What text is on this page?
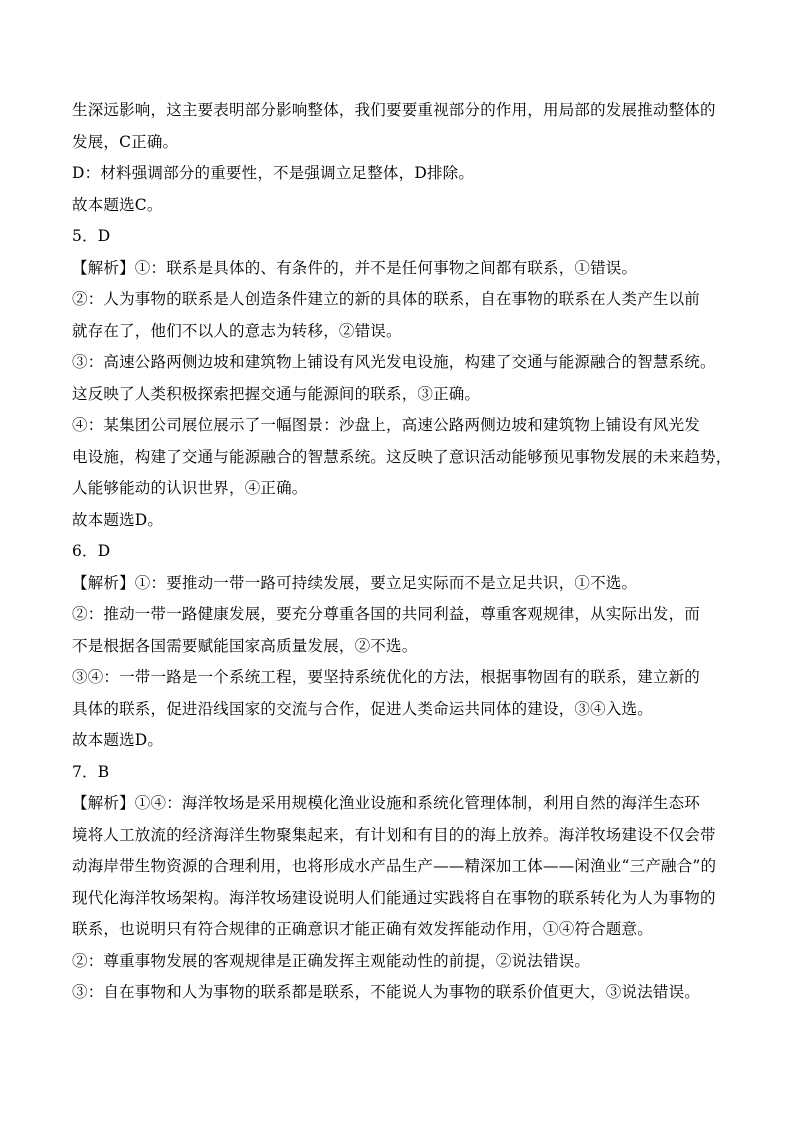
生深远影响，这主要表明部分影响整体，我们要要重视部分的作用，用局部的发展推动整体的
发展，C正确。
D：材料强调部分的重要性，不是强调立足整体，D排除。
故本题选C。
5．D
【解析】①：联系是具体的、有条件的，并不是任何事物之间都有联系，①错误。
②：人为事物的联系是人创造条件建立的新的具体的联系，自在事物的联系在人类产生以前
就存在了，他们不以人的意志为转移，②错误。
③：高速公路两侧边坡和建筑物上铺设有风光发电设施，构建了交通与能源融合的智慧系统。
这反映了人类积极探索把握交通与能源间的联系，③正确。
④：某集团公司展位展示了一幅图景：沙盘上，高速公路两侧边坡和建筑物上铺设有风光发
电设施，构建了交通与能源融合的智慧系统。这反映了意识活动能够预见事物发展的未来趋势，
人能够能动的认识世界，④正确。
故本题选D。
6．D
【解析】①：要推动一带一路可持续发展，要立足实际而不是立足共识，①不选。
②：推动一带一路健康发展，要充分尊重各国的共同利益，尊重客观规律，从实际出发，而
不是根据各国需要赋能国家高质量发展，②不选。
③④：一带一路是一个系统工程，要坚持系统优化的方法，根据事物固有的联系，建立新的
具体的联系，促进沿线国家的交流与合作，促进人类命运共同体的建设，③④入选。
故本题选D。
7．B
【解析】①④：海洋牧场是采用规模化渔业设施和系统化管理体制，利用自然的海洋生态环
境将人工放流的经济海洋生物聚集起来，有计划和有目的的海上放养。海洋牧场建设不仅会带
动海岸带生物资源的合理利用，也将形成水产品生产——精深加工体——闲渔业“三产融合”的
现代化海洋牧场架构。海洋牧场建设说明人们能通过实践将自在事物的联系转化为人为事物的
联系，也说明只有符合规律的正确意识才能正确有效发挥能动作用，①④符合题意。
②：尊重事物发展的客观规律是正确发挥主观能动性的前提，②说法错误。
③：自在事物和人为事物的联系都是联系，不能说人为事物的联系价值更大，③说法错误。
